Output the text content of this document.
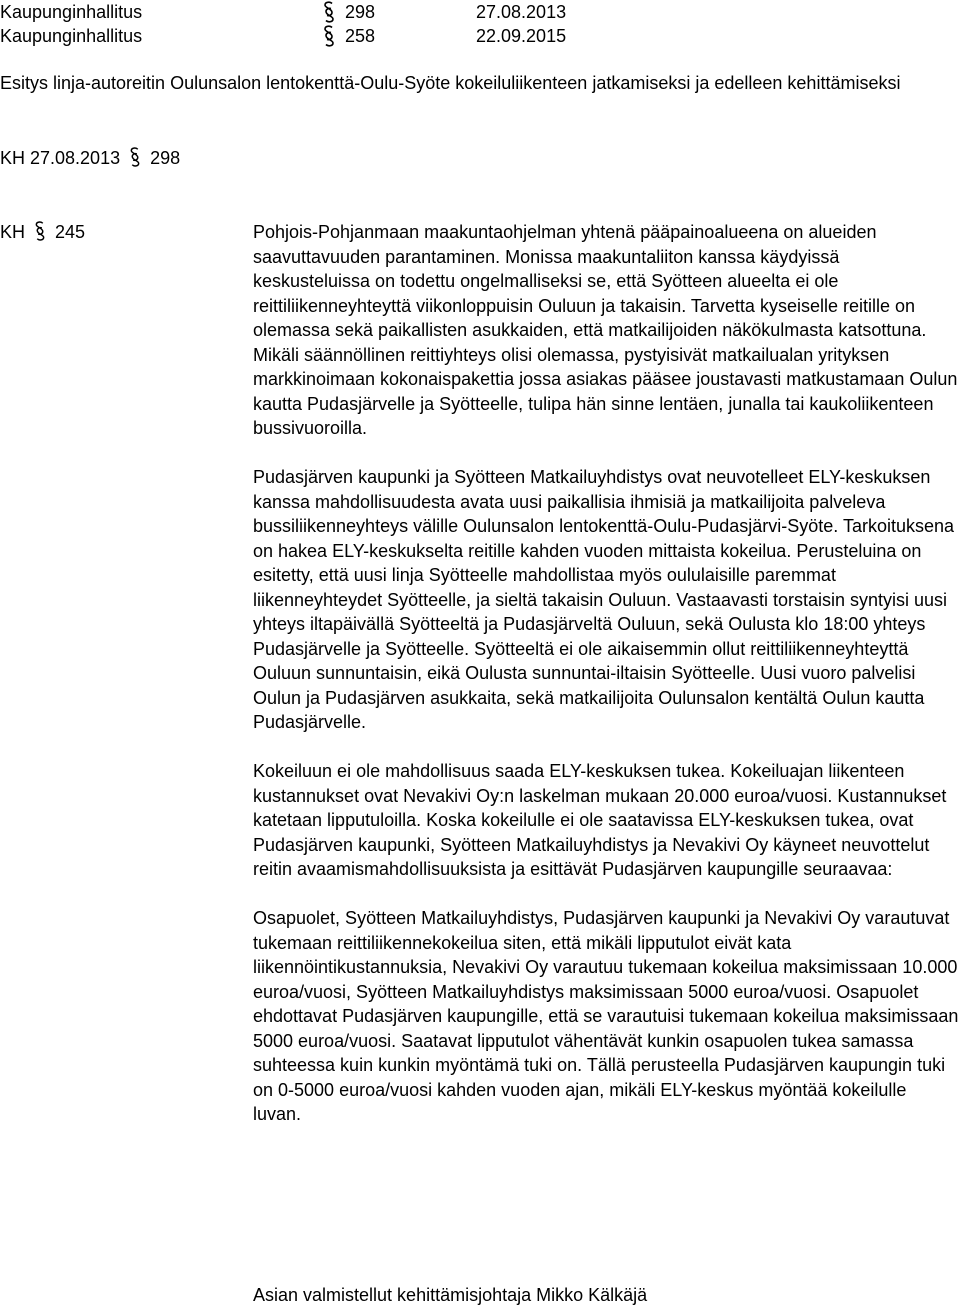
Kaupunginhallitus	298	27.08.2013
Kaupunginhallitus	258	22.09.2015
Esitys linja-autoreitin Oulunsalon lentokenttä-Oulu-Syöte kokeiluliikenteen jatkamiseksi ja edelleen kehittämiseksi
KH 27.08.2013 298
KH 245	Pohjois-Pohjanmaan maakuntaohjelman yhtenä pääpainoalueena on alueiden saavuttavuuden parantaminen. Monissa maakuntaliiton kanssa käydyissä keskusteluissa on todettu ongelmalliseksi se, että Syötteen alueelta ei ole reittiliikenneyhteyttä viikonloppuisin Ouluun ja takaisin. Tarvetta kyseiselle reitille on olemassa sekä paikallisten asukkaiden, että matkailijoiden näkökulmasta katsottuna. Mikäli säännöllinen reittiyhteys olisi olemassa, pystyisivät matkailualan yrityksen markkinoimaan kokonaispakettia jossa asiakas pääsee joustavasti matkustamaan Oulun kautta Pudasjärvelle ja Syötteelle, tulipa hän sinne lentäen, junalla tai kaukoliikenteen bussivuoroilla.

Pudasjärven kaupunki ja Syötteen Matkailuyhdistys ovat neuvotelleet ELY-keskuksen kanssa mahdollisuudesta avata uusi paikallisia ihmisiä ja matkailijoita palveleva bussiliikenneyhteys välille Oulunsalon lentokenttä-Oulu-Pudasjärvi-Syöte. Tarkoituksena on hakea ELY-keskukselta reitille kahden vuoden mittaista kokeilua. Perusteluina on esitetty, että uusi linja Syötteelle mahdollistaa myös oululaisille paremmat liikenneyhteydet Syötteelle, ja sieltä takaisin Ouluun. Vastaavasti torstaisin syntyisi uusi yhteys iltapäivällä Syötteeltä ja Pudasjärveltä Ouluun, sekä Oulusta klo 18:00 yhteys Pudasjärvelle ja Syötteelle. Syötteeltä ei ole aikaisemmin ollut reittiliikenneyhteyttä Ouluun sunnuntaisin, eikä Oulusta sunnuntai-iltaisin Syötteelle. Uusi vuoro palvelisi Oulun ja Pudasjärven asukkaita, sekä matkailijoita Oulunsalon kentältä Oulun kautta Pudasjärvelle.

Kokeiluun ei ole mahdollisuus saada ELY-keskuksen tukea. Kokeiluajan liikenteen kustannukset ovat Nevakivi Oy:n laskelman mukaan 20.000 euroa/vuosi. Kustannukset katetaan lipputuloilla. Koska kokeilulle ei ole saatavissa ELY-keskuksen tukea, ovat Pudasjärven kaupunki, Syötteen Matkailuyhdistys ja Nevakivi Oy käyneet neuvottelut reitin avaamismahdollisuuksista ja esittävät Pudasjärven kaupungille seuraavaa:

Osapuolet, Syötteen Matkailuyhdistys, Pudasjärven kaupunki ja Nevakivi Oy varautuvat tukemaan reittiliikennekokeilua siten, että mikäli lipputulot eivät kata liikennöintikustannuksia, Nevakivi Oy varautuu tukemaan kokeilua maksimissaan 10.000 euroa/vuosi, Syötteen Matkailuyhdistys maksimissaan 5000 euroa/vuosi. Osapuolet ehdottavat Pudasjärven kaupungille, että se varautuisi tukemaan kokeilua maksimissaan 5000 euroa/vuosi. Saatavat lipputulot vähentävät kunkin osapuolen tukea samassa suhteessa kuin kunkin myöntämä tuki on. Tällä perusteella Pudasjärven kaupungin tuki on 0-5000 euroa/vuosi kahden vuoden ajan, mikäli ELY-keskus myöntää kokeilulle luvan.

Asian valmistellut kehittämisjohtaja Mikko Kälkäjä
